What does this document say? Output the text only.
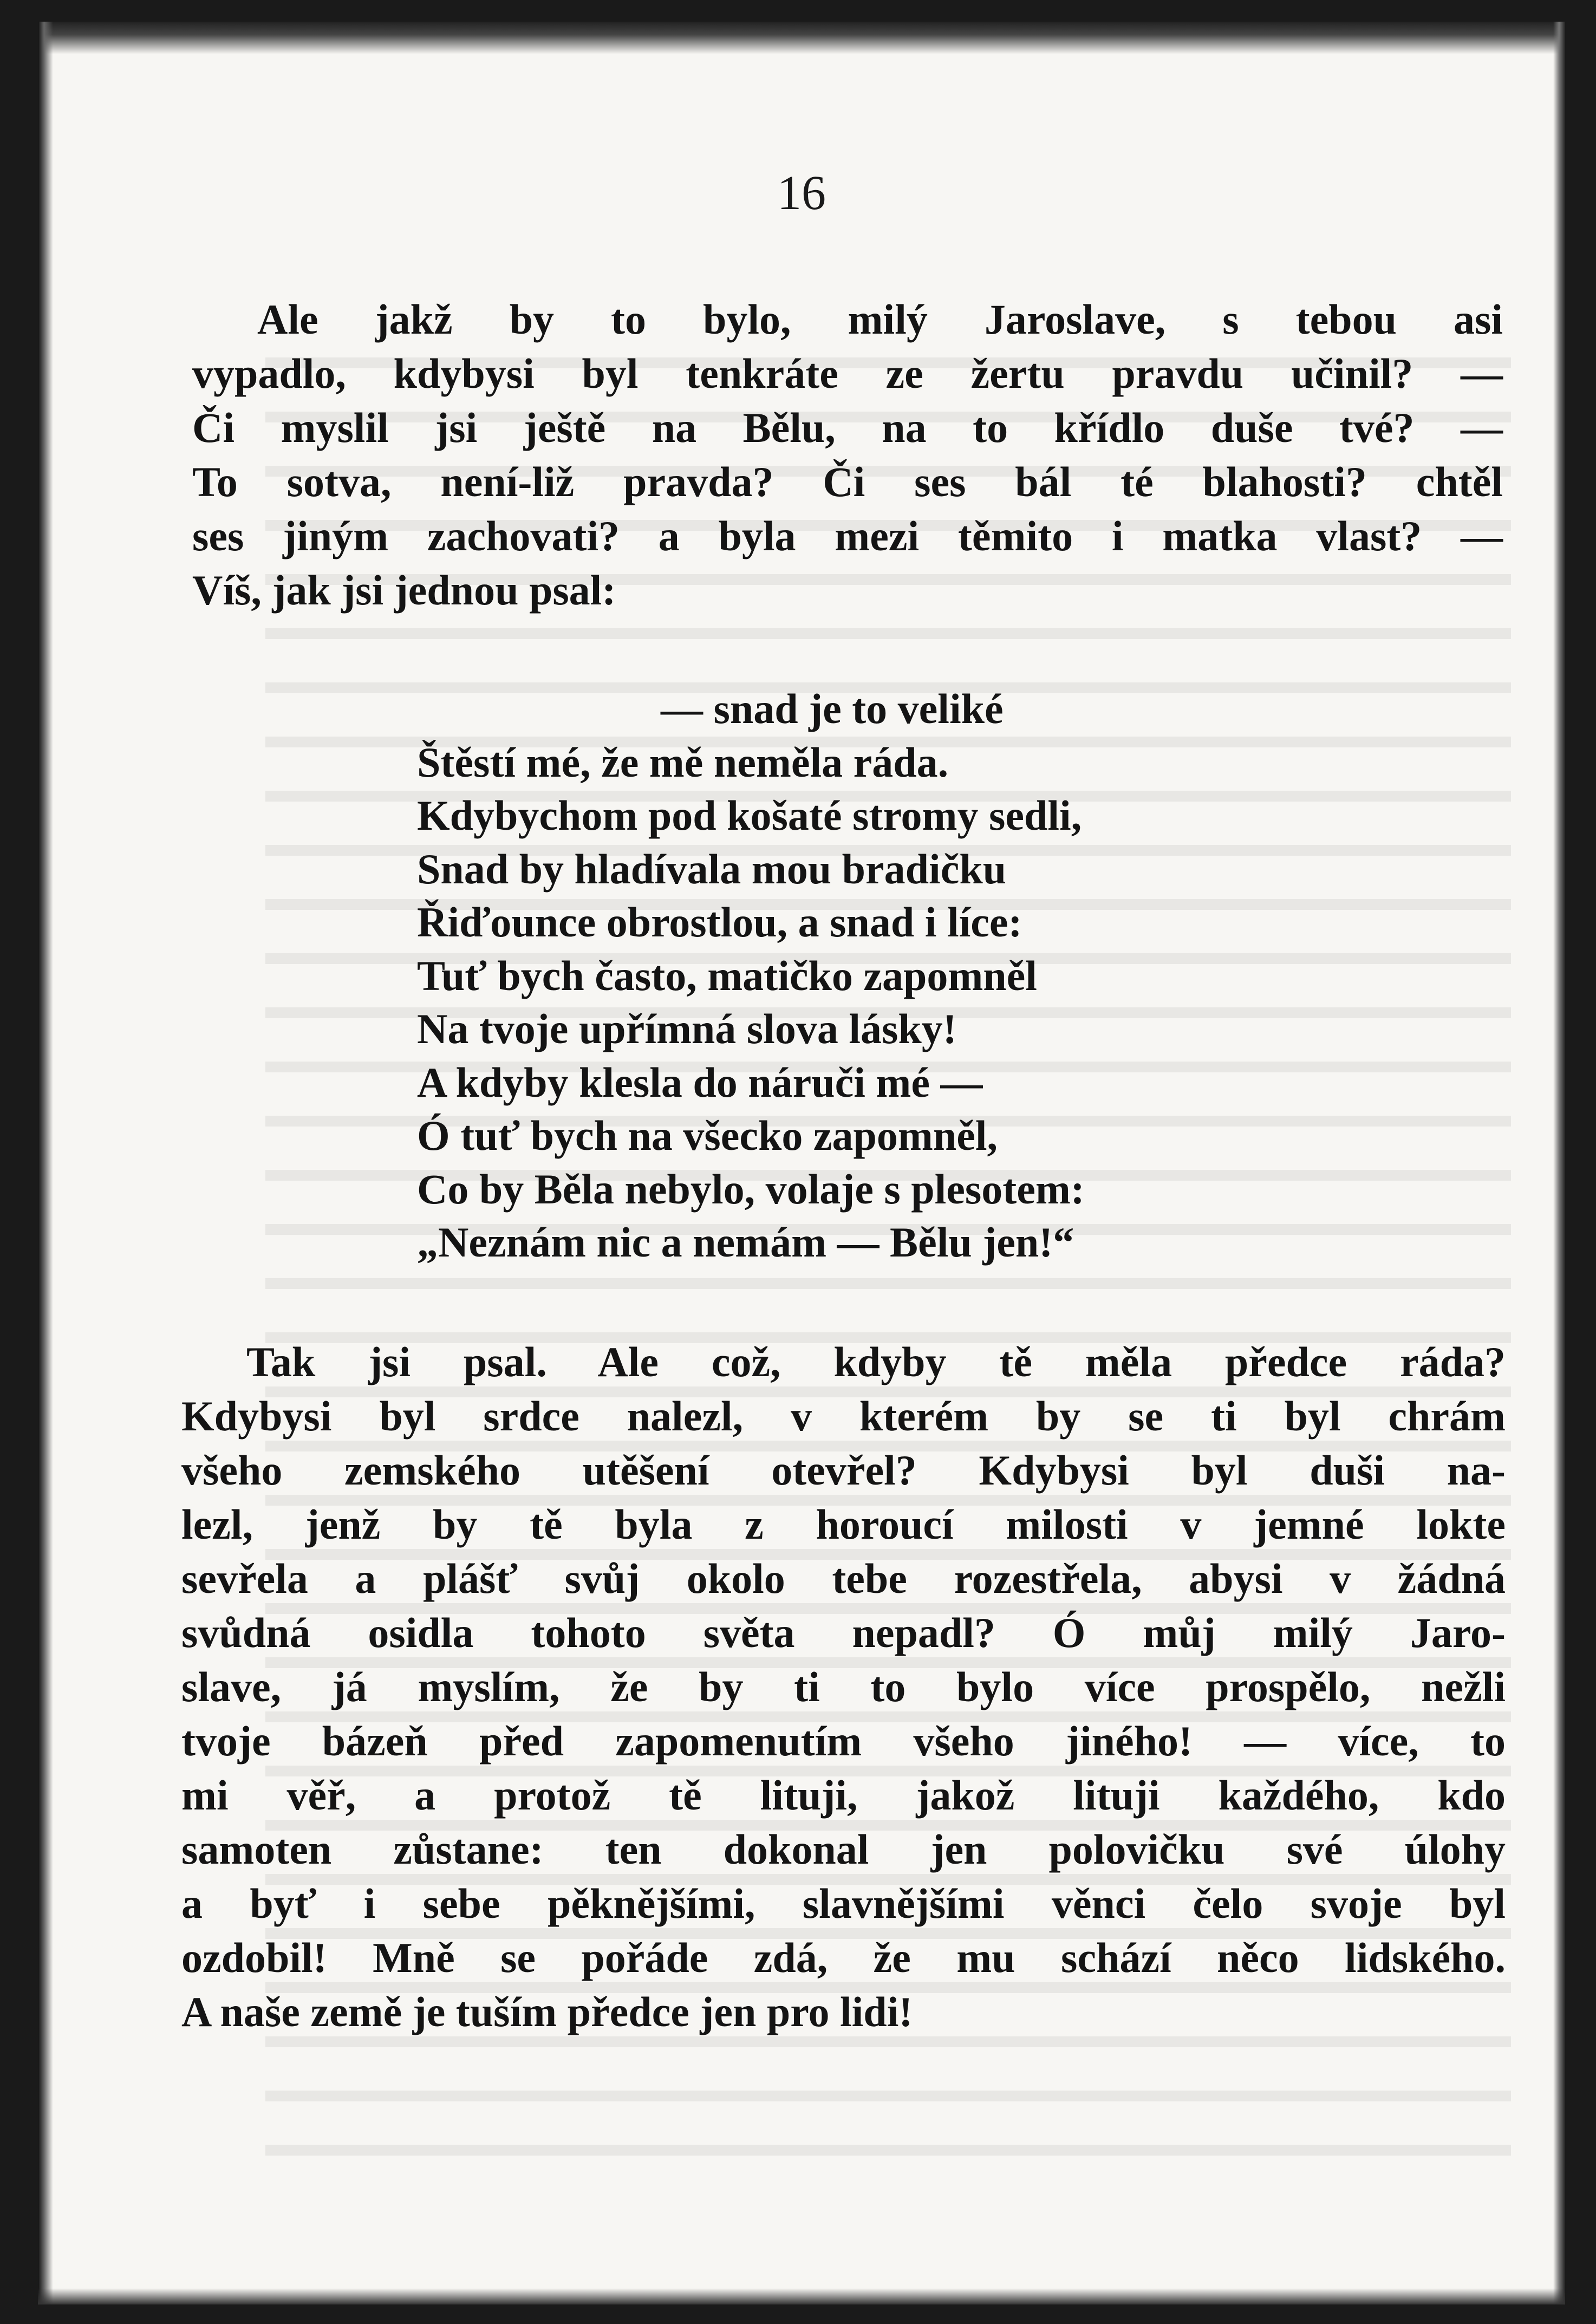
16
Ale jakž by to bylo, milý Jaroslave, s tebou asi
vypadlo, kdybysi byl tenkráte ze žertu pravdu učinil? —
Či myslil jsi ještě na Bělu, na to křídlo duše tvé? —
To sotva, není-liž pravda? Či ses bál té blahosti? chtěl
ses jiným zachovati? a byla mezi těmito i matka vlast? —
Víš, jak jsi jednou psal:
— snad je to veliké
Štěstí mé, že mě neměla ráda.
Kdybychom pod košaté stromy sedli,
Snad by hladívala mou bradičku
Řiďounce obrostlou, a snad i líce:
Tuť bych často, matičko zapomněl
Na tvoje upřímná slova lásky!
A kdyby klesla do náruči mé —
Ó tuť bych na všecko zapomněl,
Co by Běla nebylo, volaje s plesotem:
„Neznám nic a nemám — Bělu jen!“
Tak jsi psal. Ale což, kdyby tě měla předce ráda?
Kdybysi byl srdce nalezl, v kterém by se ti byl chrám
všeho zemského utěšení otevřel? Kdybysi byl duši na-
lezl, jenž by tě byla z horoucí milosti v jemné lokte
sevřela a plášť svůj okolo tebe rozestřela, abysi v žádná
svůdná osidla tohoto světa nepadl? Ó můj milý Jaro-
slave, já myslím, že by ti to bylo více prospělo, nežli
tvoje bázeň před zapomenutím všeho jiného! — více, to
mi věř, a protož tě lituji, jakož lituji každého, kdo
samoten zůstane: ten dokonal jen polovičku své úlohy
a byť i sebe pěknějšími, slavnějšími věnci čelo svoje byl
ozdobil! Mně se pořáde zdá, že mu schází něco lidského.
A naše země je tuším předce jen pro lidi!
